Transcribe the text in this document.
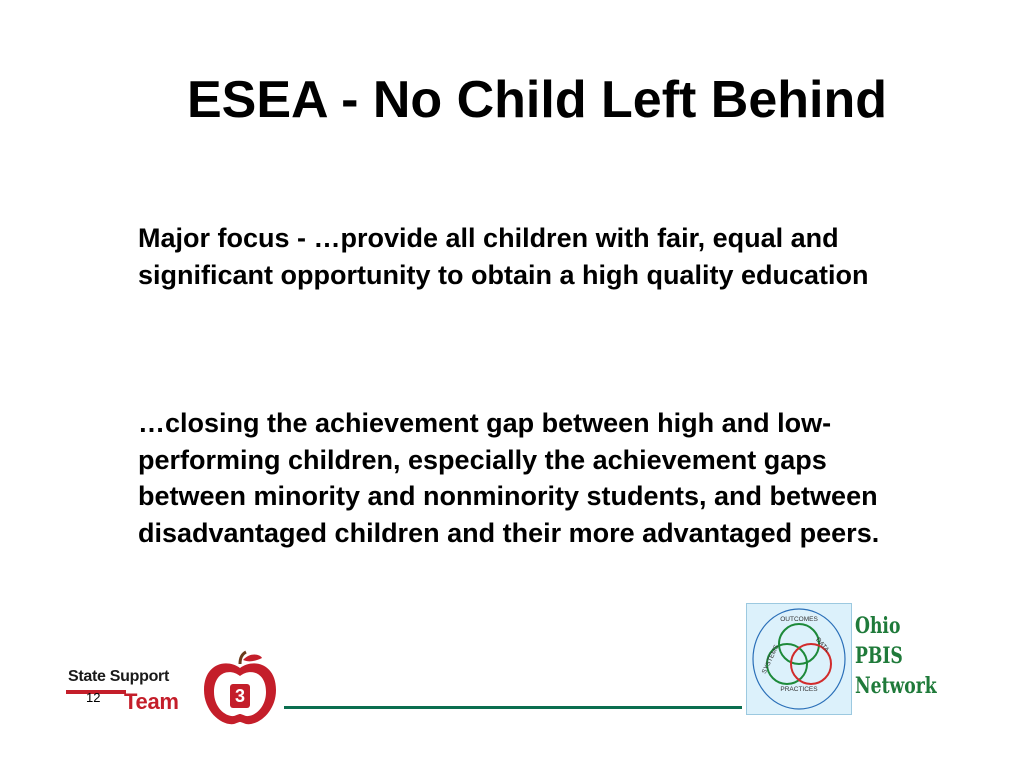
ESEA - No Child Left Behind
Major focus - …provide all children with fair, equal and significant opportunity to obtain a high quality education
…closing the achievement gap between high and low-performing children, especially the achievement gaps between minority and nonminority students, and between disadvantaged children and their more advantaged peers.
State Support
Team
12	3
OUTCOMES
SYSTEMS	DATA
PRACTICES
Ohio
PBIS
Network
